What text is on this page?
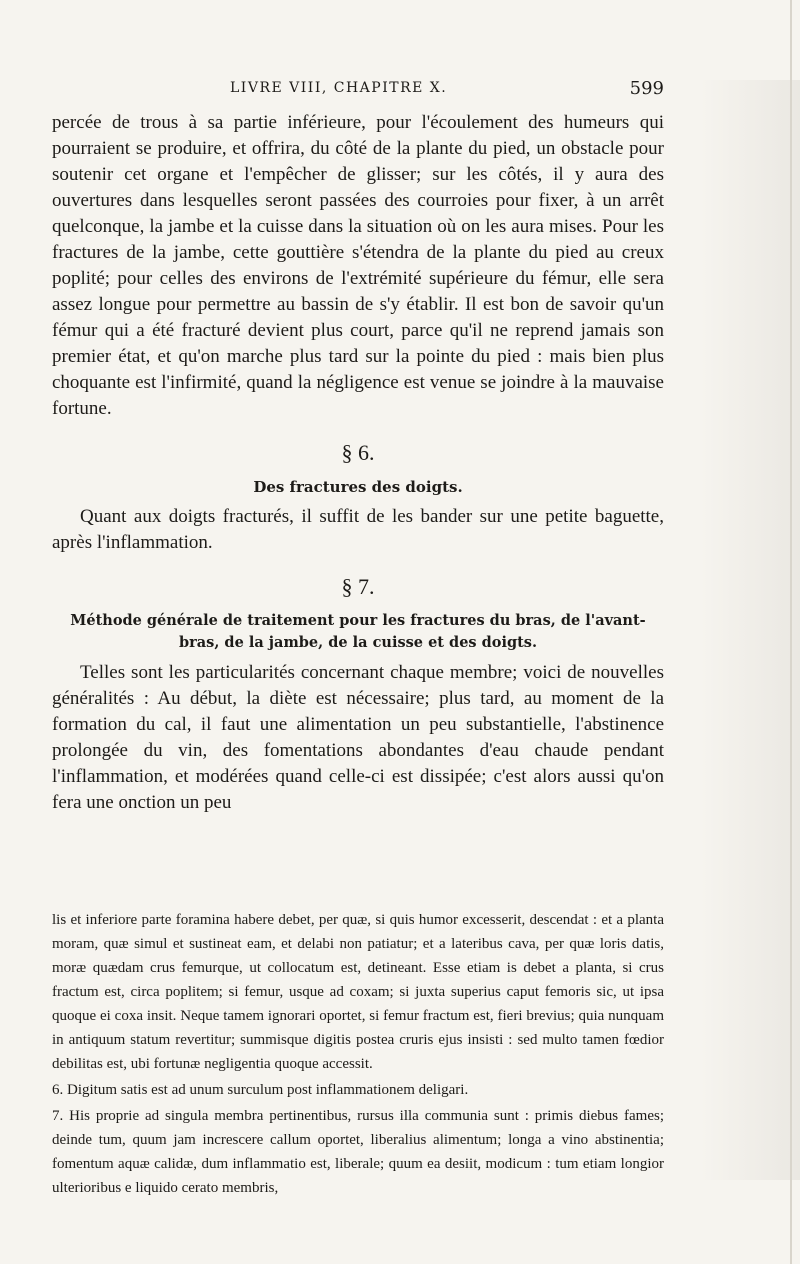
LIVRE VIII, CHAPITRE X.	599

percée de trous à sa partie inférieure, pour l'écoulement des humeurs qui pourraient se produire, et offrira, du côté de la plante du pied, un obstacle pour soutenir cet organe et l'empêcher de glisser; sur les côtés, il y aura des ouvertures dans lesquelles seront passées des courroies pour fixer, à un arrêt quelconque, la jambe et la cuisse dans la situation où on les aura mises. Pour les fractures de la jambe, cette gouttière s'étendra de la plante du pied au creux poplité; pour celles des environs de l'extrémité supérieure du fémur, elle sera assez longue pour permettre au bassin de s'y établir. Il est bon de savoir qu'un fémur qui a été fracturé devient plus court, parce qu'il ne reprend jamais son premier état, et qu'on marche plus tard sur la pointe du pied : mais bien plus choquante est l'infirmité, quand la négligence est venue se joindre à la mauvaise fortune.

§ 6.
Des fractures des doigts.

Quant aux doigts fracturés, il suffit de les bander sur une petite baguette, après l'inflammation.

§ 7.
Méthode générale de traitement pour les fractures du bras, de l'avant-bras, de la jambe, de la cuisse et des doigts.

Telles sont les particularités concernant chaque membre; voici de nouvelles généralités : Au début, la diète est nécessaire; plus tard, au moment de la formation du cal, il faut une alimentation un peu substantielle, l'abstinence prolongée du vin, des fomentations abondantes d'eau chaude pendant l'inflammation, et modérées quand celle-ci est dissipée; c'est alors aussi qu'on fera une onction un peu

lis et inferiore parte foramina habere debet, per quæ, si quis humor excesserit, descendat : et a planta moram, quæ simul et sustineat eam, et delabi non patiatur; et a lateribus cava, per quæ loris datis, moræ quædam crus femurque, ut collocatum est, detineant. Esse etiam is debet a planta, si crus fractum est, circa poplitem; si femur, usque ad coxam; si juxta superius caput femoris sic, ut ipsa quoque ei coxa insit. Neque tamem ignorari oportet, si femur fractum est, fieri brevius; quia nunquam in antiquum statum revertitur; summisque digitis postea cruris ejus insisti : sed multo tamen fœdior debilitas est, ubi fortunæ negligentia quoque accessit.

6. Digitum satis est ad unum surculum post inflammationem deligari.

7. His proprie ad singula membra pertinentibus, rursus illa communia sunt : primis diebus fames; deinde tum, quum jam increscere callum oportet, liberalius alimentum; longa a vino abstinentia; fomentum aquæ calidæ, dum inflammatio est, liberale; quum ea desiit, modicum : tum etiam longior ulterioribus e liquido cerato membris,
